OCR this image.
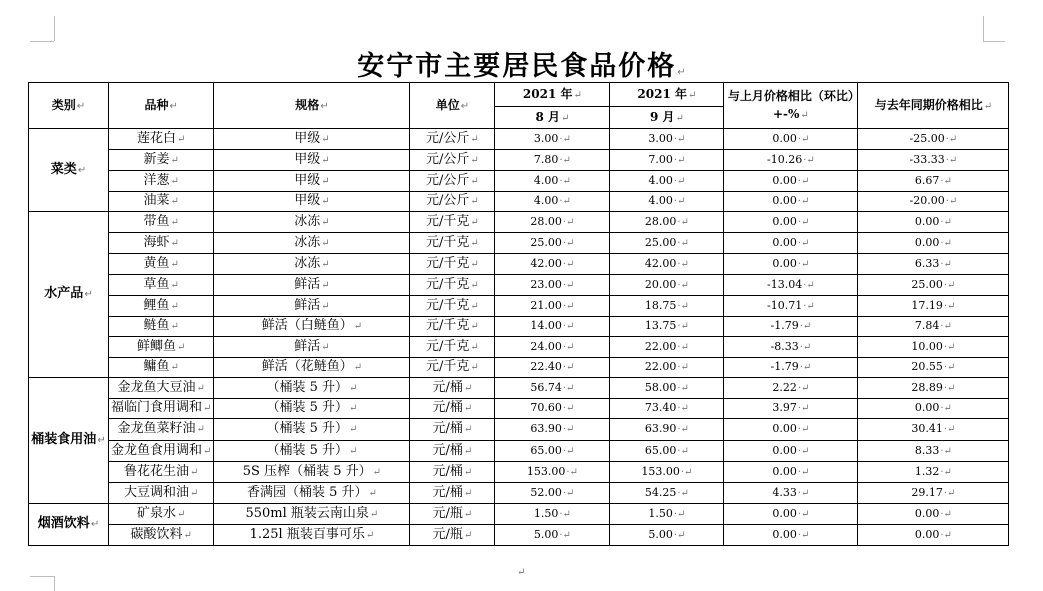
安宁市主要居民食品价格↵
类别↵	品种↵	规格↵	单位↵	2021 年↵	2021 年↵	与上月价格相比（环比）+-%↵	与去年同期价格相比↵
				8 月↵	9 月↵		
菜类↵	莲花白↵	甲级↵	元/公斤↵	3.00·↵	3.00·↵	0.00·↵	-25.00·↵
	新姜↵	甲级↵	元/公斤↵	7.80·↵	7.00·↵	-10.26·↵	-33.33·↵
	洋葱↵	甲级↵	元/公斤↵	4.00·↵	4.00·↵	0.00·↵	6.67·↵
	油菜↵	甲级↵	元/公斤↵	4.00·↵	4.00·↵	0.00·↵	-20.00·↵
水产品↵	带鱼↵	冰冻↵	元/千克↵	28.00·↵	28.00·↵	0.00·↵	0.00·↵
	海虾↵	冰冻↵	元/千克↵	25.00·↵	25.00·↵	0.00·↵	0.00·↵
	黄鱼↵	冰冻↵	元/千克↵	42.00·↵	42.00·↵	0.00·↵	6.33·↵
	草鱼↵	鲜活↵	元/千克↵	23.00·↵	20.00·↵	-13.04·↵	25.00·↵
	鲤鱼↵	鲜活↵	元/千克↵	21.00·↵	18.75·↵	-10.71·↵	17.19·↵
	鲢鱼↵	鲜活（白鲢鱼）↵	元/千克↵	14.00·↵	13.75·↵	-1.79·↵	7.84·↵
	鲜鲫鱼↵	鲜活↵	元/千克↵	24.00·↵	22.00·↵	-8.33·↵	10.00·↵
	鳙鱼↵	鲜活（花鲢鱼）↵	元/千克↵	22.40·↵	22.00·↵	-1.79·↵	20.55·↵
桶装食用油↵	金龙鱼大豆油↵	（桶装 5 升）↵	元/桶↵	56.74·↵	58.00·↵	2.22·↵	28.89·↵
	福临门食用调和↵	（桶装 5 升）↵	元/桶↵	70.60·↵	73.40·↵	3.97·↵	0.00·↵
	金龙鱼菜籽油↵	（桶装 5 升）↵	元/桶↵	63.90·↵	63.90·↵	0.00·↵	30.41·↵
	金龙鱼食用调和↵	（桶装 5 升）↵	元/桶↵	65.00·↵	65.00·↵	0.00·↵	8.33·↵
	鲁花花生油↵	5S 压榨（桶装 5 升）↵	元/桶↵	153.00·↵	153.00·↵	0.00·↵	1.32·↵
	大豆调和油↵	香满园（桶装 5 升）↵	元/桶↵	52.00·↵	54.25·↵	4.33·↵	29.17·↵
烟酒饮料↵	矿泉水↵	550ml 瓶装云南山泉↵	元/瓶↵	1.50·↵	1.50·↵	0.00·↵	0.00·↵
	碳酸饮料↵	1.25l 瓶装百事可乐↵	元/瓶↵	5.00·↵	5.00·↵	0.00·↵	0.00·↵
↵
